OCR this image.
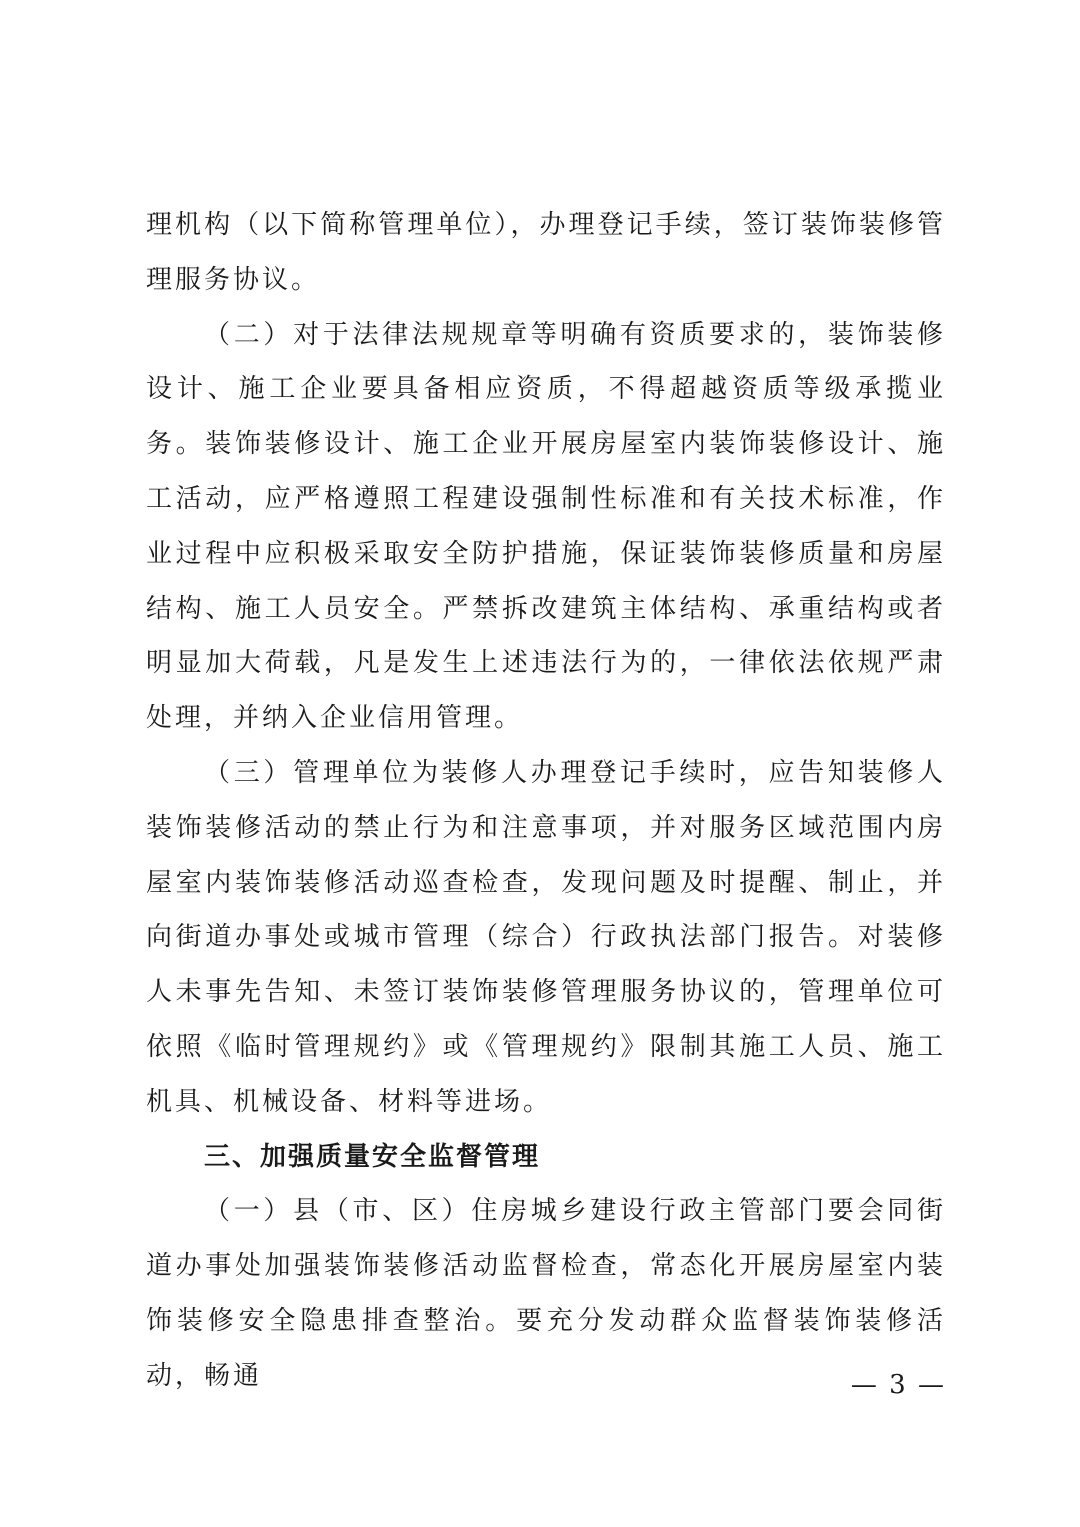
理机构（以下简称管理单位），办理登记手续，签订装饰装修管理服务协议。

（二）对于法律法规规章等明确有资质要求的，装饰装修设计、施工企业要具备相应资质，不得超越资质等级承揽业务。装饰装修设计、施工企业开展房屋室内装饰装修设计、施工活动，应严格遵照工程建设强制性标准和有关技术标准，作业过程中应积极采取安全防护措施，保证装饰装修质量和房屋结构、施工人员安全。严禁拆改建筑主体结构、承重结构或者明显加大荷载，凡是发生上述违法行为的，一律依法依规严肃处理，并纳入企业信用管理。

（三）管理单位为装修人办理登记手续时，应告知装修人装饰装修活动的禁止行为和注意事项，并对服务区域范围内房屋室内装饰装修活动巡查检查，发现问题及时提醒、制止，并向街道办事处或城市管理（综合）行政执法部门报告。对装修人未事先告知、未签订装饰装修管理服务协议的，管理单位可依照《临时管理规约》或《管理规约》限制其施工人员、施工机具、机械设备、材料等进场。

三、加强质量安全监督管理

（一）县（市、区）住房城乡建设行政主管部门要会同街道办事处加强装饰装修活动监督检查，常态化开展房屋室内装饰装修安全隐患排查整治。要充分发动群众监督装饰装修活动，畅通	— 3 —
